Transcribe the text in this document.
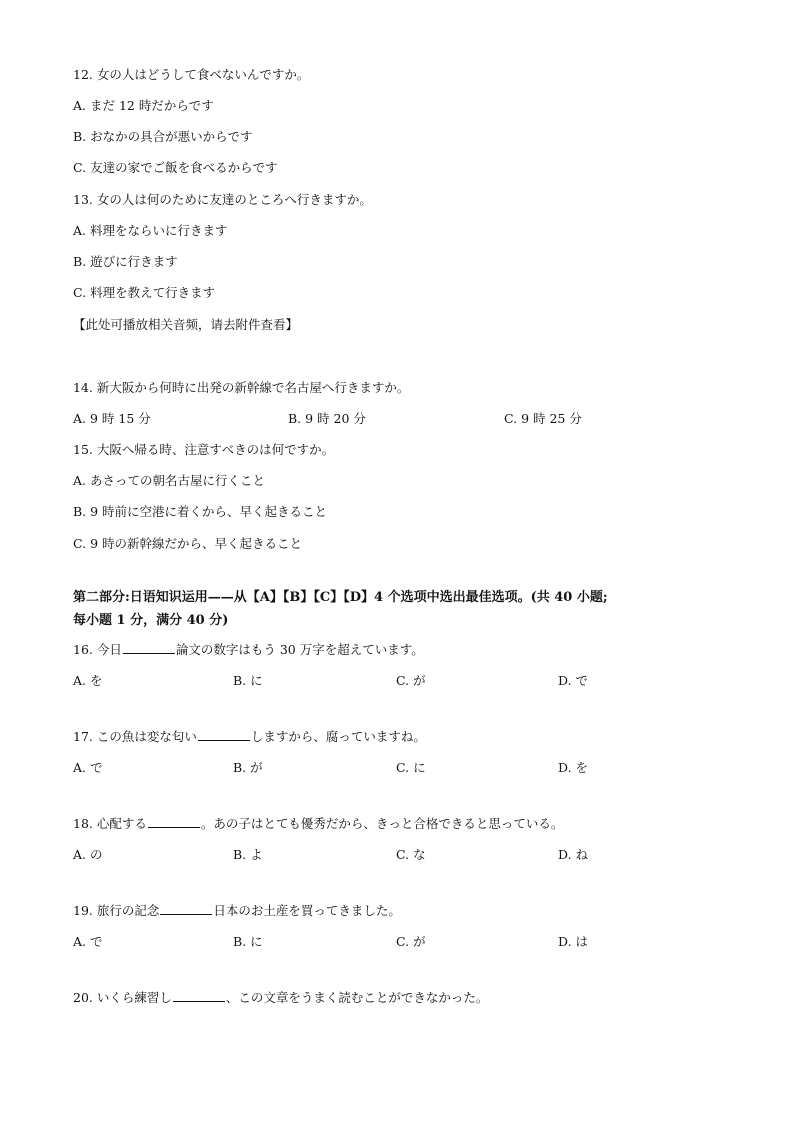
12. 女の人はどうして食べないんですか。
A. まだ 12 時だからです
B. おなかの具合が悪いからです
C. 友達の家でご飯を食べるからです
13. 女の人は何のために友達のところへ行きますか。
A. 料理をならいに行きます
B. 遊びに行きます
C. 料理を教えて行きます
【此处可播放相关音频，请去附件查看】
14. 新大阪から何時に出発の新幹線で名古屋へ行きますか。
A. 9 時 15 分	B. 9 時 20 分	C. 9 時 25 分
15. 大阪へ帰る時、注意すべきのは何ですか。
A. あさっての朝名古屋に行くこと
B. 9 時前に空港に着くから、早く起きること
C. 9 時の新幹線だから、早く起きること
第二部分:日语知识运用——从【A】【B】【C】【D】4 个选项中选出最佳选项。(共 40 小题;
每小题 1 分，满分 40 分)
16. 今日	論文の数字はもう 30 万字を超えています。
A. を	B. に	C. が	D. で
17. この魚は変な匂い	しますから、腐っていますね。
A. で	B. が	C. に	D. を
18. 心配する	。あの子はとても優秀だから、きっと合格できると思っている。
A. の	B. よ	C. な	D. ね
19. 旅行の記念	日本のお土産を買ってきました。
A. で	B. に	C. が	D. は
20. いくら練習し	、この文章をうまく読むことができなかった。
